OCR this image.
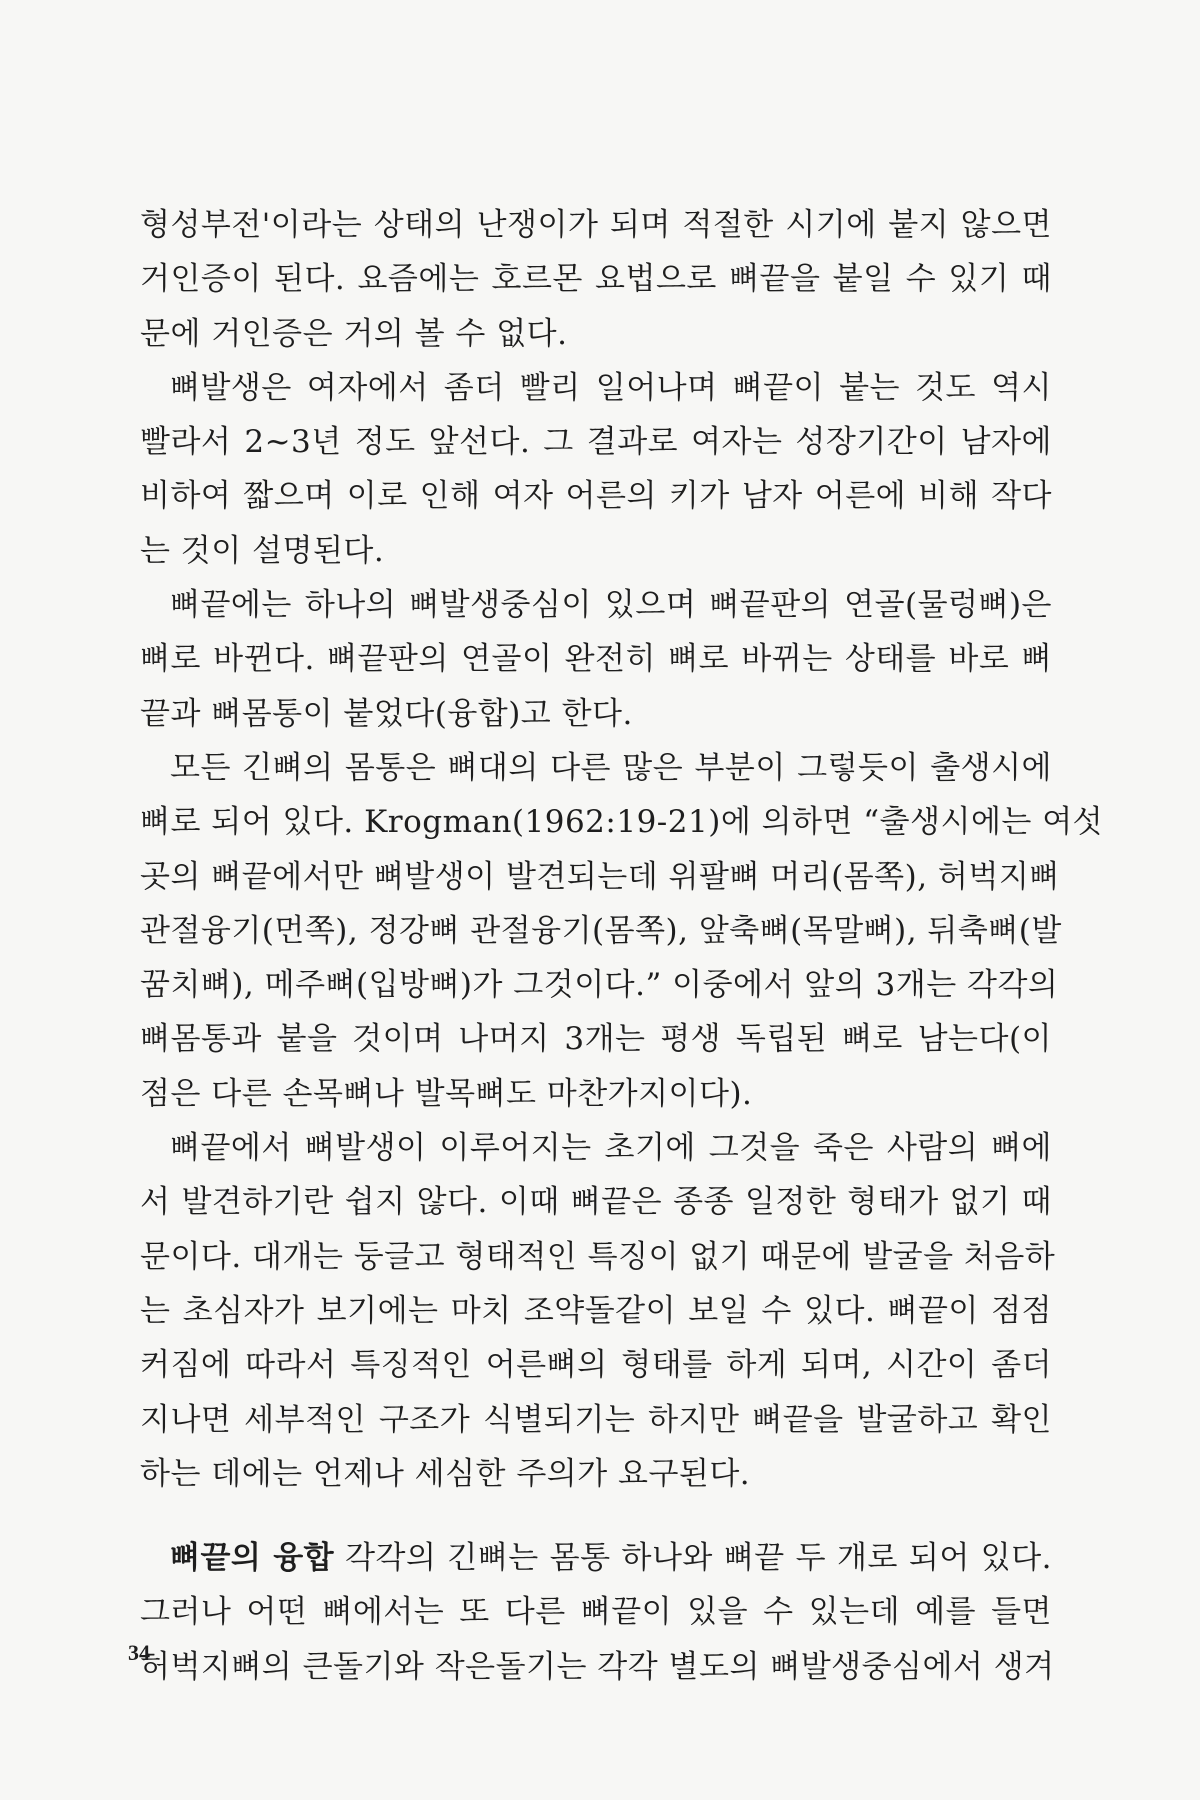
형성부전'이라는 상태의 난쟁이가 되며 적절한 시기에 붙지 않으면
거인증이 된다. 요즘에는 호르몬 요법으로 뼈끝을 붙일 수 있기 때
문에 거인증은 거의 볼 수 없다.
뼈발생은 여자에서 좀더 빨리 일어나며 뼈끝이 붙는 것도 역시
빨라서 2~3년 정도 앞선다. 그 결과로 여자는 성장기간이 남자에
비하여 짧으며 이로 인해 여자 어른의 키가 남자 어른에 비해 작다
는 것이 설명된다.
뼈끝에는 하나의 뼈발생중심이 있으며 뼈끝판의 연골(물렁뼈)은
뼈로 바뀐다. 뼈끝판의 연골이 완전히 뼈로 바뀌는 상태를 바로 뼈
끝과 뼈몸통이 붙었다(융합)고 한다.
모든 긴뼈의 몸통은 뼈대의 다른 많은 부분이 그렇듯이 출생시에
뼈로 되어 있다. Krogman(1962:19-21)에 의하면 “출생시에는 여섯
곳의 뼈끝에서만 뼈발생이 발견되는데 위팔뼈 머리(몸쪽), 허벅지뼈
관절융기(먼쪽), 정강뼈 관절융기(몸쪽), 앞축뼈(목말뼈), 뒤축뼈(발
꿈치뼈), 메주뼈(입방뼈)가 그것이다.” 이중에서 앞의 3개는 각각의
뼈몸통과 붙을 것이며 나머지 3개는 평생 독립된 뼈로 남는다(이
점은 다른 손목뼈나 발목뼈도 마찬가지이다).
뼈끝에서 뼈발생이 이루어지는 초기에 그것을 죽은 사람의 뼈에
서 발견하기란 쉽지 않다. 이때 뼈끝은 종종 일정한 형태가 없기 때
문이다. 대개는 둥글고 형태적인 특징이 없기 때문에 발굴을 처음하
는 초심자가 보기에는 마치 조약돌같이 보일 수 있다. 뼈끝이 점점
커짐에 따라서 특징적인 어른뼈의 형태를 하게 되며, 시간이 좀더
지나면 세부적인 구조가 식별되기는 하지만 뼈끝을 발굴하고 확인
하는 데에는 언제나 세심한 주의가 요구된다.
뼈끝의 융합 각각의 긴뼈는 몸통 하나와 뼈끝 두 개로 되어 있다.
그러나 어떤 뼈에서는 또 다른 뼈끝이 있을 수 있는데 예를 들면
허벅지뼈의 큰돌기와 작은돌기는 각각 별도의 뼈발생중심에서 생겨
34
